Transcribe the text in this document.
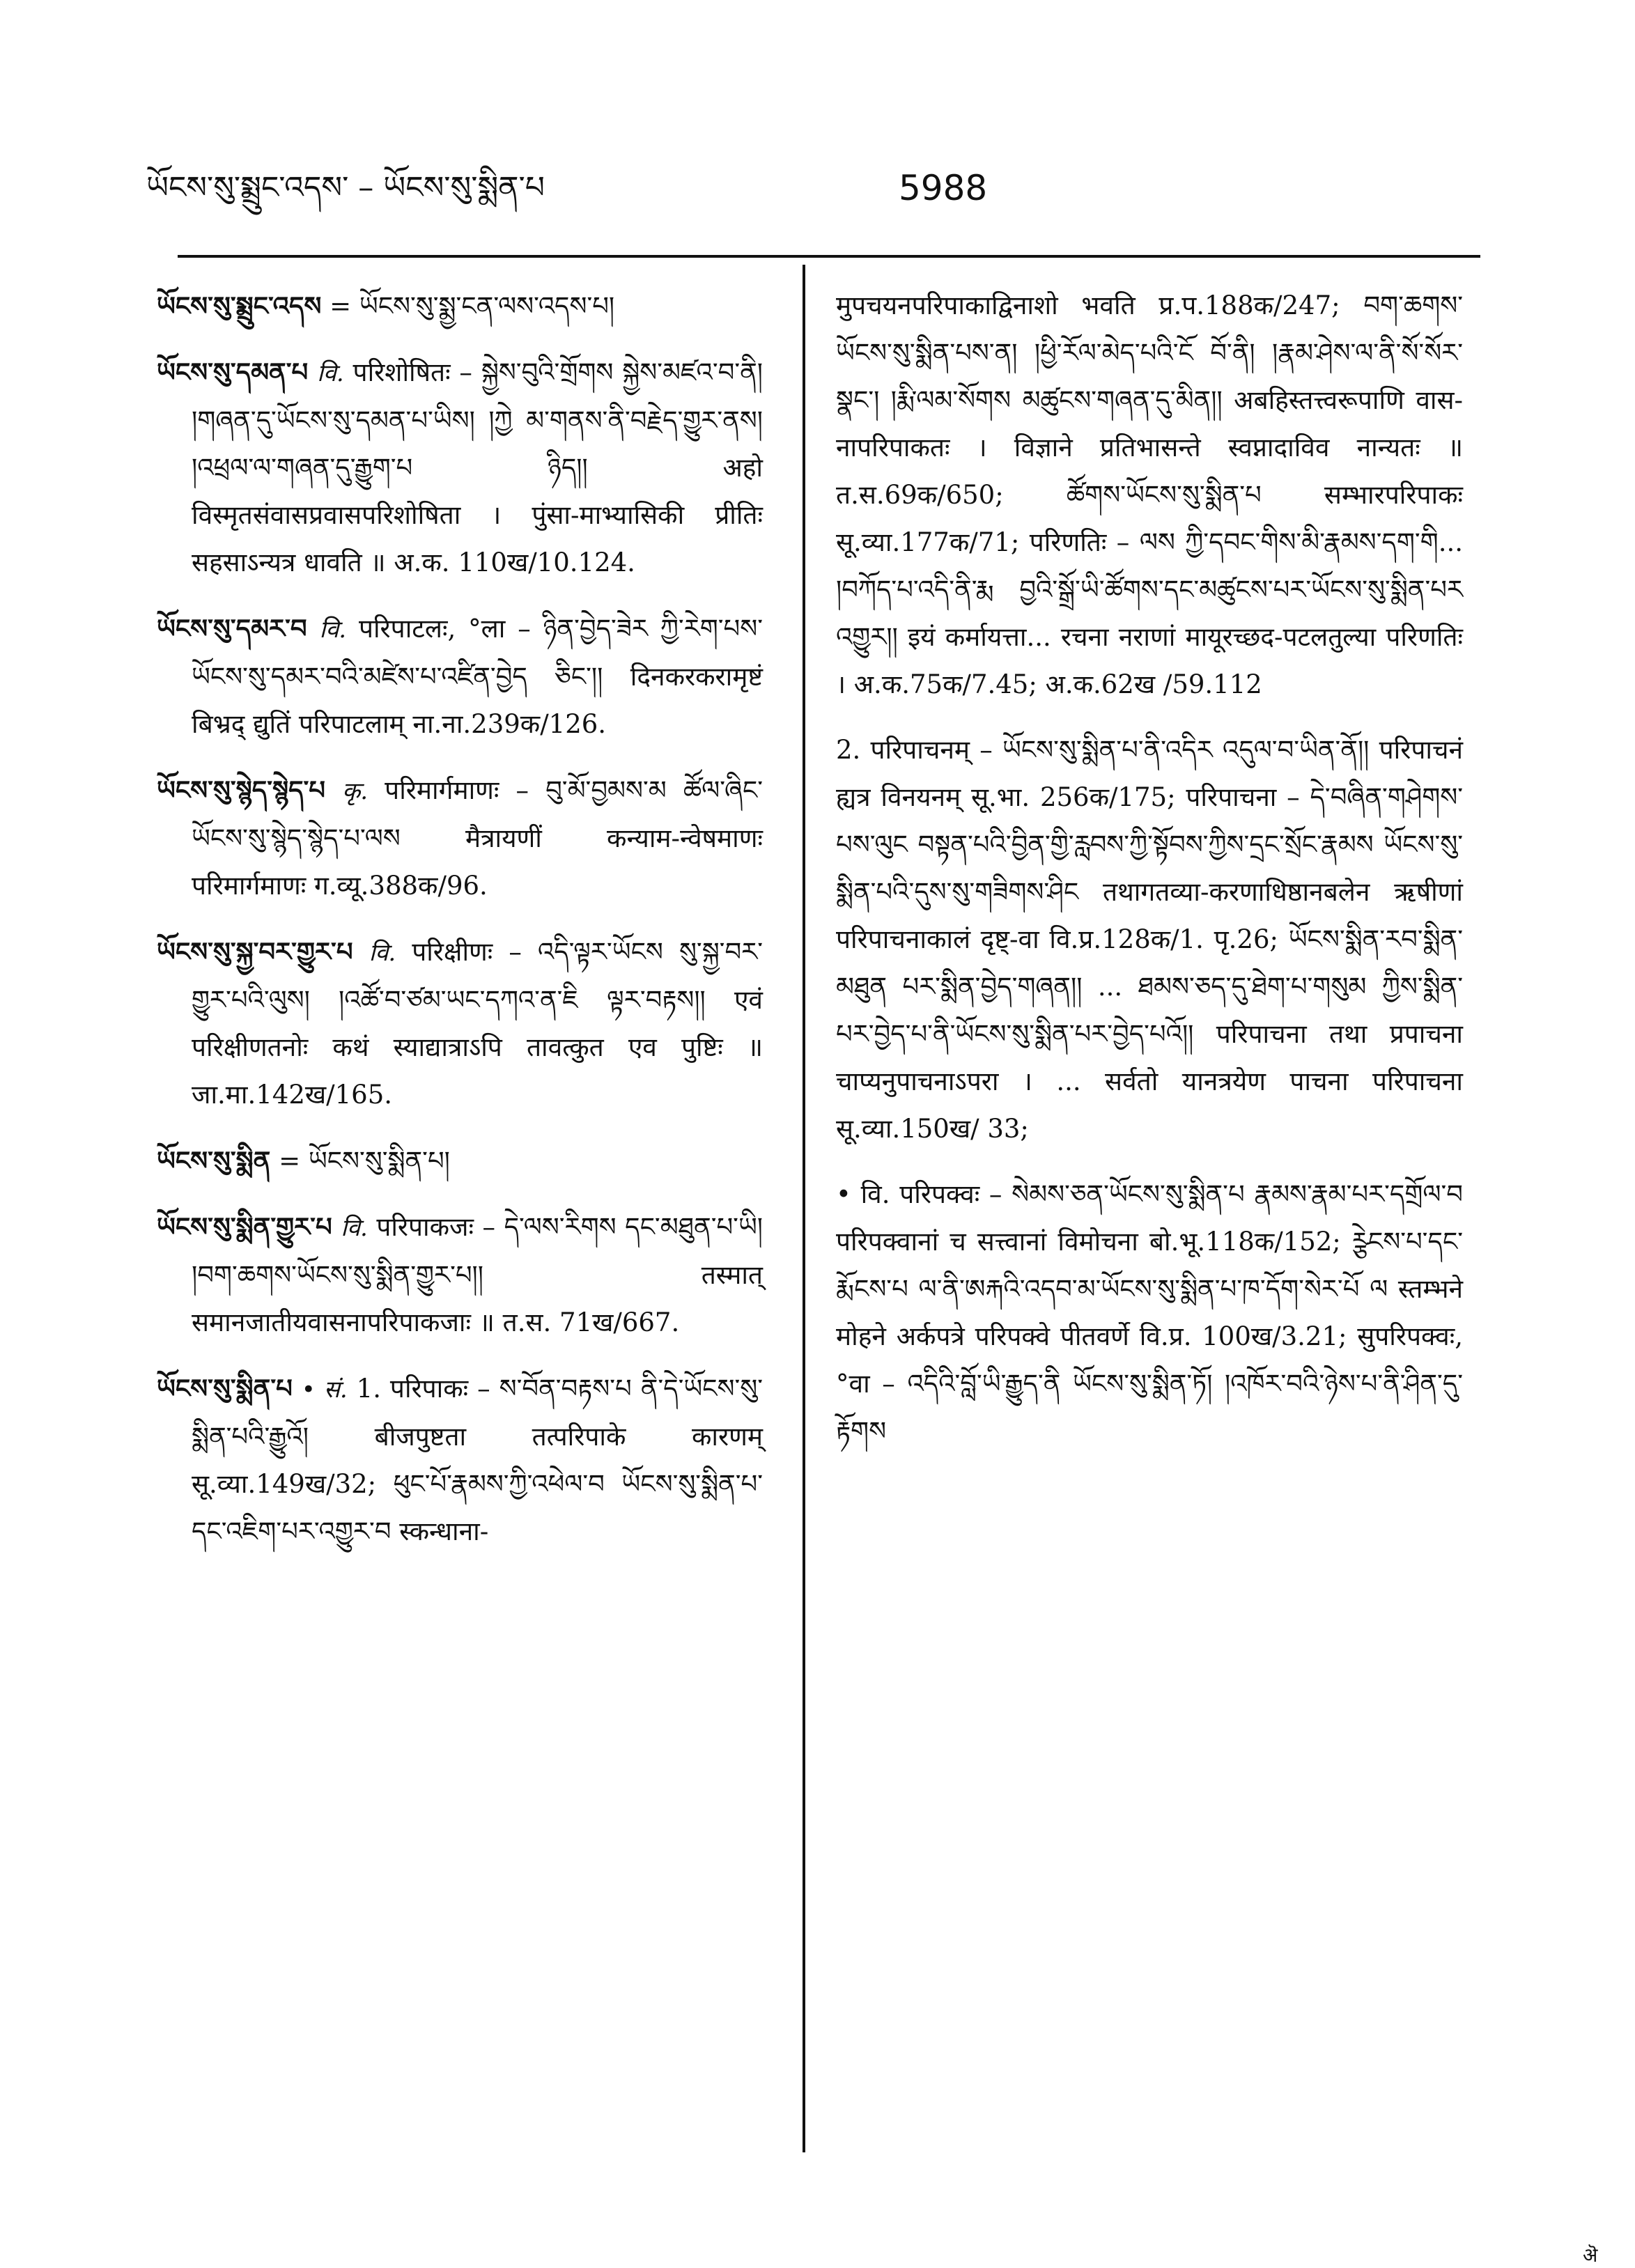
ཡོངས་སུ་སྨྲུང་འདས་ – ཡོངས་སུ་སྨིན་པ	5988

ཡོངས་སུ་སྨྲུང་འདས = ཡོངས་སུ་སྨྱ་ངན་ལས་འདས་པ།

ཡོངས་སུ་དམན་པ वि. परिशोषितः – སྐྱེས་བུའི་གྲོགས སྐྱེས་མཛའ་བ་ནི། །གཞན་དུ་ཡོངས་སུ་དམན་པ་ཡིས། །ཀྱེ མ་གནས་ནི་བརྗེད་གྱུར་ནས། །འཕྲལ་ལ་གཞན་དུ་རྒྱུག་པ ཉིད།། अहो विस्मृतसंवासप्रवासपरिशोषिता । पुंसा-माभ्यासिकी प्रीतिः सहसाऽन्यत्र धावति ॥ अ.क. 110ख/10.124.

ཡོངས་སུ་དམར་བ वि. परिपाटलः, °ला – ཉིན་བྱེད་ཟེར ཀྱི་རེག་པས་ཡོངས་སུ་དམར་བའི་མཛེས་པ་འཛིན་བྱེད ཅིང་།། दिनकरकरामृष्टं बिभ्रद् द्युतिं परिपाटलाम् ना.ना.239क/126.

ཡོངས་སུ་སྙེད་སྙེད་པ कृ. परिमार्गमाणः – བུ་མོ་བྱམས་མ ཚོལ་ཞིང་ཡོངས་སུ་སྙེད་སྙེད་པ་ལས मैत्रायणीं कन्याम-न्वेषमाणः परिमार्गमाणः ग.व्यू.388क/96.

ཡོངས་སུ་སྐྱ་བར་གྱུར་པ वि. परिक्षीणः – འདི་ལྟར་ཡོངས སུ་སྐྱ་བར་གྱུར་པའི་ལུས། །འཚོ་བ་ཙམ་ཡང་དཀའ་ན་ཇི ལྟར་བརྟས།། एवं परिक्षीणतनोः कथं स्याद्यात्राऽपि तावत्कुत एव पुष्टिः ॥ जा.मा.142ख/165.

ཡོངས་སུ་སྨིན = ཡོངས་སུ་སྨིན་པ།

ཡོངས་སུ་སྨིན་གྱུར་པ वि. परिपाकजः – དེ་ལས་རིགས དང་མཐུན་པ་ཡི། །བག་ཆགས་ཡོངས་སུ་སྨིན་གྱུར་པ།། तस्मात् समानजातीयवासनापरिपाकजाः ॥ त.स. 71ख/667.

ཡོངས་སུ་སྨིན་པ • सं. 1. परिपाकः – ས་བོན་བརྟས་པ ནི་དེ་ཡོངས་སུ་སྨིན་པའི་རྒྱུའོ། बीजपुष्टता तत्परिपाके कारणम् सू.व्या.149ख/32; ཕུང་པོ་རྣམས་ཀྱི་འཕེལ་བ ཡོངས་སུ་སྨིན་པ་དང་འཇིག་པར་འགྱུར་བ स्कन्धाना-

मुपचयनपरिपाकाद्विनाशो भवति प्र.प.188क/247; བག་ཆགས་ཡོངས་སུ་སྨིན་པས་ན། །ཕྱི་རོལ་མེད་པའི་ངོ བོ་ནི། །རྣམ་ཤེས་ལ་ནི་སོ་སོར་སྣང་། །རྨི་ལམ་སོགས མཚུངས་གཞན་དུ་མིན།། अबहिस्तत्त्वरूपाणि वास-नापरिपाकतः । विज्ञाने प्रतिभासन्ते स्वप्नादाविव नान्यतः ॥ त.स.69क/650; ཚོགས་ཡོངས་སུ་སྨིན་པ सम्भारपरिपाकः सू.व्या.177क/71; परिणतिः – ལས ཀྱི་དབང་གིས་མི་རྣམས་དག་གི... །བཀོད་པ་འདི་ནི་རྨ བྱའི་སྒྲོ་ཡི་ཚོགས་དང་མཚུངས་པར་ཡོངས་སུ་སྨིན་པར འགྱུར།། इयं कर्मायत्ता... रचना नराणां मायूरच्छद-पटलतुल्या परिणतिः । अ.क.75क/7.45; अ.क.62ख /59.112

2. परिपाचनम् – ཡོངས་སུ་སྨིན་པ་ནི་འདིར འདུལ་བ་ཡིན་ནོ།། परिपाचनं ह्यत्र विनयनम् सू.भा. 256क/175; परिपाचना – དེ་བཞིན་གཤེགས་པས་ལུང བསྟན་པའི་བྱིན་གྱི་རླབས་ཀྱི་སྟོབས་ཀྱིས་དྲང་སྲོང་རྣམས ཡོངས་སུ་སྨིན་པའི་དུས་སུ་གཟིགས་ཤིང तथागतव्या-करणाधिष्ठानबलेन ऋषीणां परिपाचनाकालं दृष्ट्-वा वि.प्र.128क/1. पृ.26; ཡོངས་སྨིན་རབ་སྨིན་མཐུན པར་སྨིན་བྱེད་གཞན།། ... ཐམས་ཅད་དུ་ཐེག་པ་གསུམ ཀྱིས་སྨིན་པར་བྱེད་པ་ནི་ཡོངས་སུ་སྨིན་པར་བྱེད་པའོ།། परिपाचना तथा प्रपाचना चाप्यनुपाचनाऽपरा । ... सर्वतो यानत्रयेण पाचना परिपाचना सू.व्या.150ख/ 33;

• वि. परिपक्वः – སེམས་ཅན་ཡོངས་སུ་སྨིན་པ རྣམས་རྣམ་པར་དགྲོལ་བ परिपक्वानां च सत्त्वानां विमोचना बो.भू.118क/152; ཪྩེངས་པ་དང་རྨོངས་པ ལ་ནི་ཨརྐའི་འདབ་མ་ཡོངས་སུ་སྨིན་པ་ཁ་དོག་སེར་པོ ལ स्तम्भने मोहने अर्कपत्रे परिपक्वे पीतवर्णे वि.प्र. 100ख/3.21; सुपरिपक्वः, °वा – འདིའི་བློ་ཡི་རྒྱུད་ནི ཡོངས་སུ་སྨིན་ཏོ། །འཁོར་བའི་ཉེས་པ་ནི་ཤིན་དུ་རྟོགས

ऄ
